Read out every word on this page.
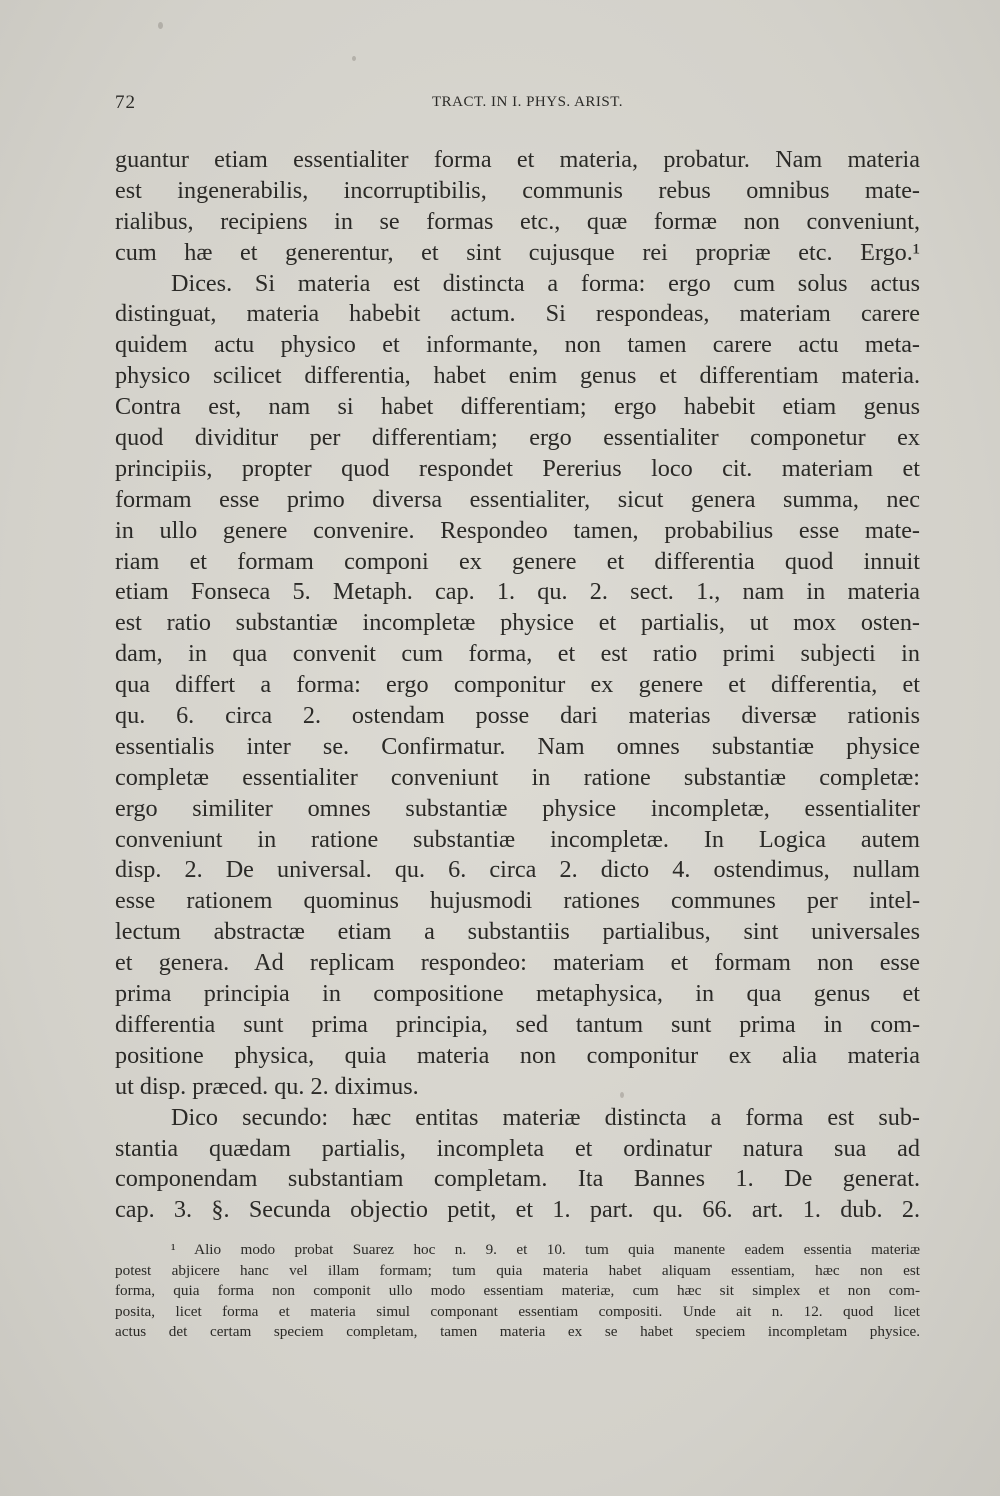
72	TRACT. IN I. PHYS. ARIST.
guantur etiam essentialiter forma et materia, probatur. Nam materia
est ingenerabilis, incorruptibilis, communis rebus omnibus mate-
rialibus, recipiens in se formas etc., quæ formæ non conveniunt,
cum hæ et generentur, et sint cujusque rei propriæ etc. Ergo.¹
Dices. Si materia est distincta a forma: ergo cum solus actus
distinguat, materia habebit actum. Si respondeas, materiam carere
quidem actu physico et informante, non tamen carere actu meta-
physico scilicet differentia, habet enim genus et differentiam materia.
Contra est, nam si habet differentiam; ergo habebit etiam genus
quod dividitur per differentiam; ergo essentialiter componetur ex
principiis, propter quod respondet Pererius loco cit. materiam et
formam esse primo diversa essentialiter, sicut genera summa, nec
in ullo genere convenire. Respondeo tamen, probabilius esse mate-
riam et formam componi ex genere et differentia quod innuit
etiam Fonseca 5. Metaph. cap. 1. qu. 2. sect. 1., nam in materia
est ratio substantiæ incompletæ physice et partialis, ut mox osten-
dam, in qua convenit cum forma, et est ratio primi subjecti in
qua differt a forma: ergo componitur ex genere et differentia, et
qu. 6. circa 2. ostendam posse dari materias diversæ rationis
essentialis inter se. Confirmatur. Nam omnes substantiæ physice
completæ essentialiter conveniunt in ratione substantiæ completæ:
ergo similiter omnes substantiæ physice incompletæ, essentialiter
conveniunt in ratione substantiæ incompletæ. In Logica autem
disp. 2. De universal. qu. 6. circa 2. dicto 4. ostendimus, nullam
esse rationem quominus hujusmodi rationes communes per intel-
lectum abstractæ etiam a substantiis partialibus, sint universales
et genera. Ad replicam respondeo: materiam et formam non esse
prima principia in compositione metaphysica, in qua genus et
differentia sunt prima principia, sed tantum sunt prima in com-
positione physica, quia materia non componitur ex alia materia
ut disp. præced. qu. 2. diximus.
Dico secundo: hæc entitas materiæ distincta a forma est sub-
stantia quædam partialis, incompleta et ordinatur natura sua ad
componendam substantiam completam. Ita Bannes 1. De generat.
cap. 3. §. Secunda objectio petit, et 1. part. qu. 66. art. 1. dub. 2.
¹ Alio modo probat Suarez hoc n. 9. et 10. tum quia manente eadem essentia materiæ
potest abjicere hanc vel illam formam; tum quia materia habet aliquam essentiam, hæc non est
forma, quia forma non componit ullo modo essentiam materiæ, cum hæc sit simplex et non com-
posita, licet forma et materia simul componant essentiam compositi. Unde ait n. 12. quod licet
actus det certam speciem completam, tamen materia ex se habet speciem incompletam physice.
